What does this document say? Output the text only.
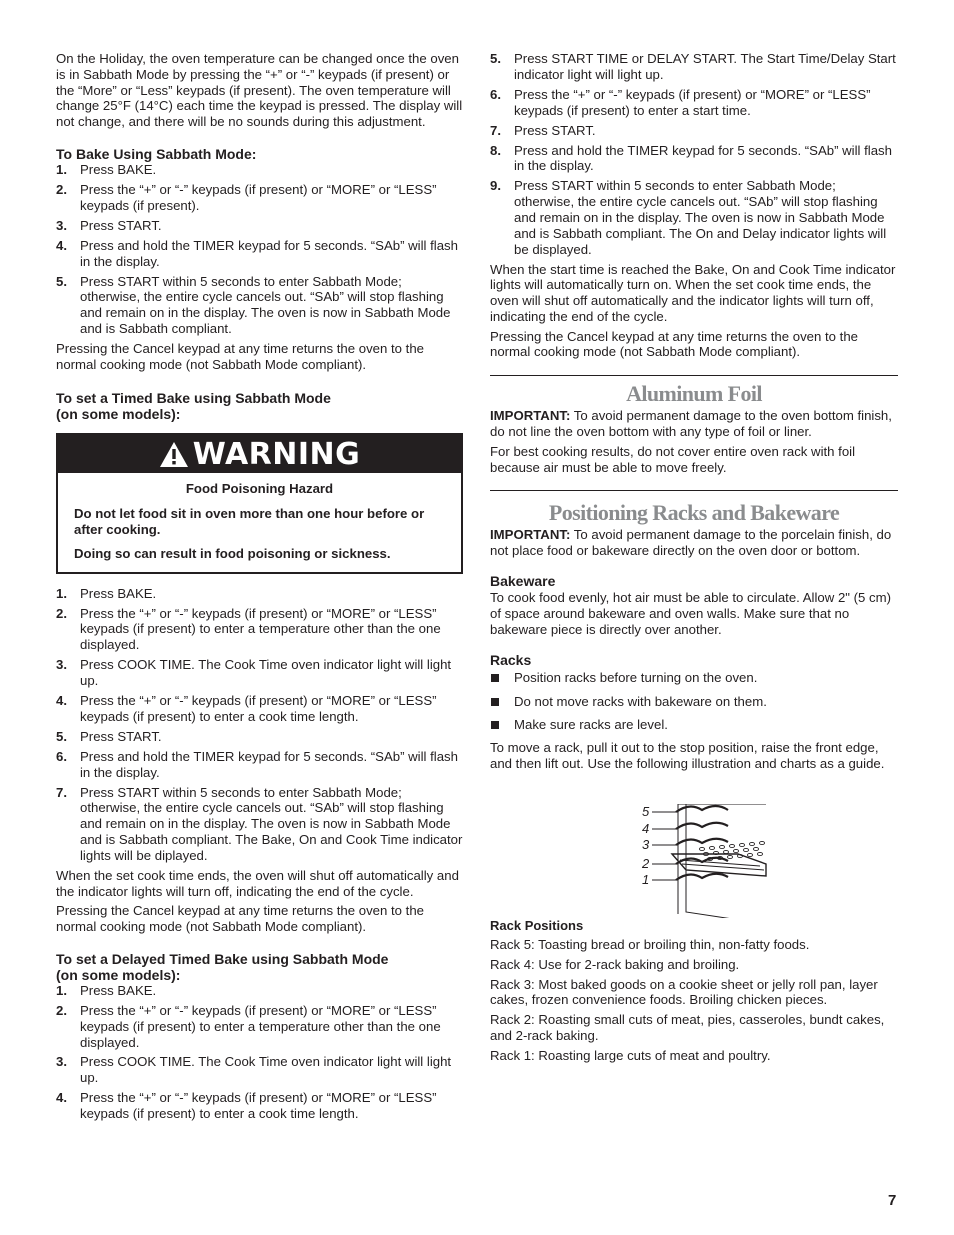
On the Holiday, the oven temperature can be changed once the oven is in Sabbath Mode by pressing the “+” or “-” keypads (if present) or the “More” or “Less” keypads (if present). The oven temperature will change 25°F (14°C) each time the keypad is pressed. The display will not change, and there will be no sounds during this adjustment.

To Bake Using Sabbath Mode:
1. Press BAKE.
2. Press the “+” or “-” keypads (if present) or “MORE” or “LESS” keypads (if present).
3. Press START.
4. Press and hold the TIMER keypad for 5 seconds. “SAb” will flash in the display.
5. Press START within 5 seconds to enter Sabbath Mode; otherwise, the entire cycle cancels out. “SAb” will stop flashing and remain on in the display. The oven is now in Sabbath Mode and is Sabbath compliant.

Pressing the Cancel keypad at any time returns the oven to the normal cooking mode (not Sabbath Mode compliant).

To set a Timed Bake using Sabbath Mode
(on some models):
WARNING

Food Poisoning Hazard

Do not let food sit in oven more than one hour before or after cooking.

Doing so can result in food poisoning or sickness.

1. Press BAKE.
2. Press the “+” or “-” keypads (if present) or “MORE” or “LESS” keypads (if present) to enter a temperature other than the one displayed.
3. Press COOK TIME. The Cook Time oven indicator light will light up.
4. Press the “+” or “-” keypads (if present) or “MORE” or “LESS” keypads (if present) to enter a cook time length.
5. Press START.
6. Press and hold the TIMER keypad for 5 seconds. “SAb” will flash in the display.
7. Press START within 5 seconds to enter Sabbath Mode; otherwise, the entire cycle cancels out. “SAb” will stop flashing and remain on in the display. The oven is now in Sabbath Mode and is Sabbath compliant. The Bake, On and Cook Time indicator lights will be diplayed.

When the set cook time ends, the oven will shut off automatically and the indicator lights will turn off, indicating the end of the cycle.

Pressing the Cancel keypad at any time returns the oven to the normal cooking mode (not Sabbath Mode compliant).

To set a Delayed Timed Bake using Sabbath Mode
(on some models):
1. Press BAKE.
2. Press the “+” or “-” keypads (if present) or “MORE” or “LESS” keypads (if present) to enter a temperature other than the one displayed.
3. Press COOK TIME. The Cook Time oven indicator light will light up.
4. Press the “+” or “-” keypads (if present) or “MORE” or “LESS” keypads (if present) to enter a cook time length.
5. Press START TIME or DELAY START. The Start Time/Delay Start indicator light will light up.
6. Press the “+” or “-” keypads (if present) or “MORE” or “LESS” keypads (if present) to enter a start time.
7. Press START.
8. Press and hold the TIMER keypad for 5 seconds. “SAb” will flash in the display.
9. Press START within 5 seconds to enter Sabbath Mode; otherwise, the entire cycle cancels out. “SAb” will stop flashing and remain on in the display. The oven is now in Sabbath Mode and is Sabbath compliant. The On and Delay indicator lights will be displayed.

When the start time is reached the Bake, On and Cook Time indicator lights will automatically turn on. When the set cook time ends, the oven will shut off automatically and the indicator lights will turn off, indicating the end of the cycle.

Pressing the Cancel keypad at any time returns the oven to the normal cooking mode (not Sabbath Mode compliant).

Aluminum Foil

IMPORTANT: To avoid permanent damage to the oven bottom finish, do not line the oven bottom with any type of foil or liner.

For best cooking results, do not cover entire oven rack with foil because air must be able to move freely.

Positioning Racks and Bakeware

IMPORTANT: To avoid permanent damage to the porcelain finish, do not place food or bakeware directly on the oven door or bottom.

Bakeware

To cook food evenly, hot air must be able to circulate. Allow 2" (5 cm) of space around bakeware and oven walls. Make sure that no bakeware piece is directly over another.

Racks
Position racks before turning on the oven.
Do not move racks with bakeware on them.
Make sure racks are level.

To move a rack, pull it out to the stop position, raise the front edge, and then lift out. Use the following illustration and charts as a guide.

5
4
3
2
1
Rack Positions

Rack 5: Toasting bread or broiling thin, non-fatty foods.

Rack 4: Use for 2-rack baking and broiling.

Rack 3: Most baked goods on a cookie sheet or jelly roll pan, layer cakes, frozen convenience foods. Broiling chicken pieces.

Rack 2: Roasting small cuts of meat, pies, casseroles, bundt cakes, and 2-rack baking.

Rack 1: Roasting large cuts of meat and poultry.

7
